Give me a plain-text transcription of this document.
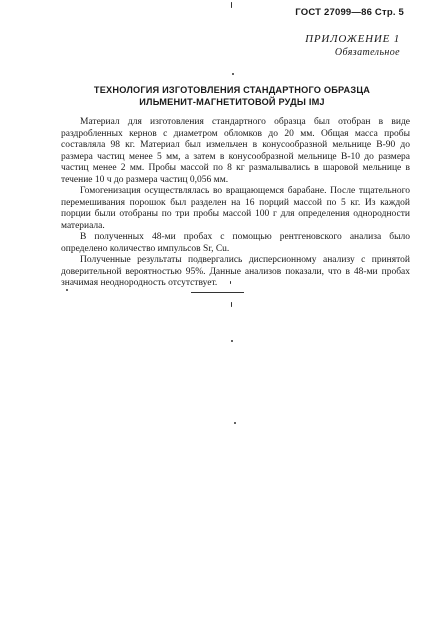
ГОСТ 27099—86 Стр. 5
ПРИЛОЖЕНИЕ 1
Обязательное
ТЕХНОЛОГИЯ ИЗГОТОВЛЕНИЯ СТАНДАРТНОГО ОБРАЗЦА
ИЛЬМЕНИТ-МАГНЕТИТОВОЙ РУДЫ ІМЈ

Материал для изготовления стандартного образца был отобран в виде раздробленных кернов с диаметром обломков до 20 мм. Общая масса пробы составляла 98 кг. Материал был измельчен в конусообразной мельнице В-90 до размера частиц менее 5 мм, а затем в конусообразной мельнице В-10 до размера частиц менее 2 мм. Пробы массой по 8 кг размалывались в шаровой мельнице в течение 10 ч до размера частиц 0,056 мм.

Гомогенизация осуществлялась во вращающемся барабане. После тщательного перемешивания порошок был разделен на 16 порций массой по 5 кг. Из каждой порции были отобраны по три пробы массой 100 г для определения однородности материала.

В полученных 48-ми пробах с помощью рентгеновского анализа было определено количество импульсов Sr, Cu.

Полученные результаты подвергались дисперсионному анализу с принятой доверительной вероятностью 95%. Данные анализов показали, что в 48-ми пробах значимая неоднородность отсутствует.
